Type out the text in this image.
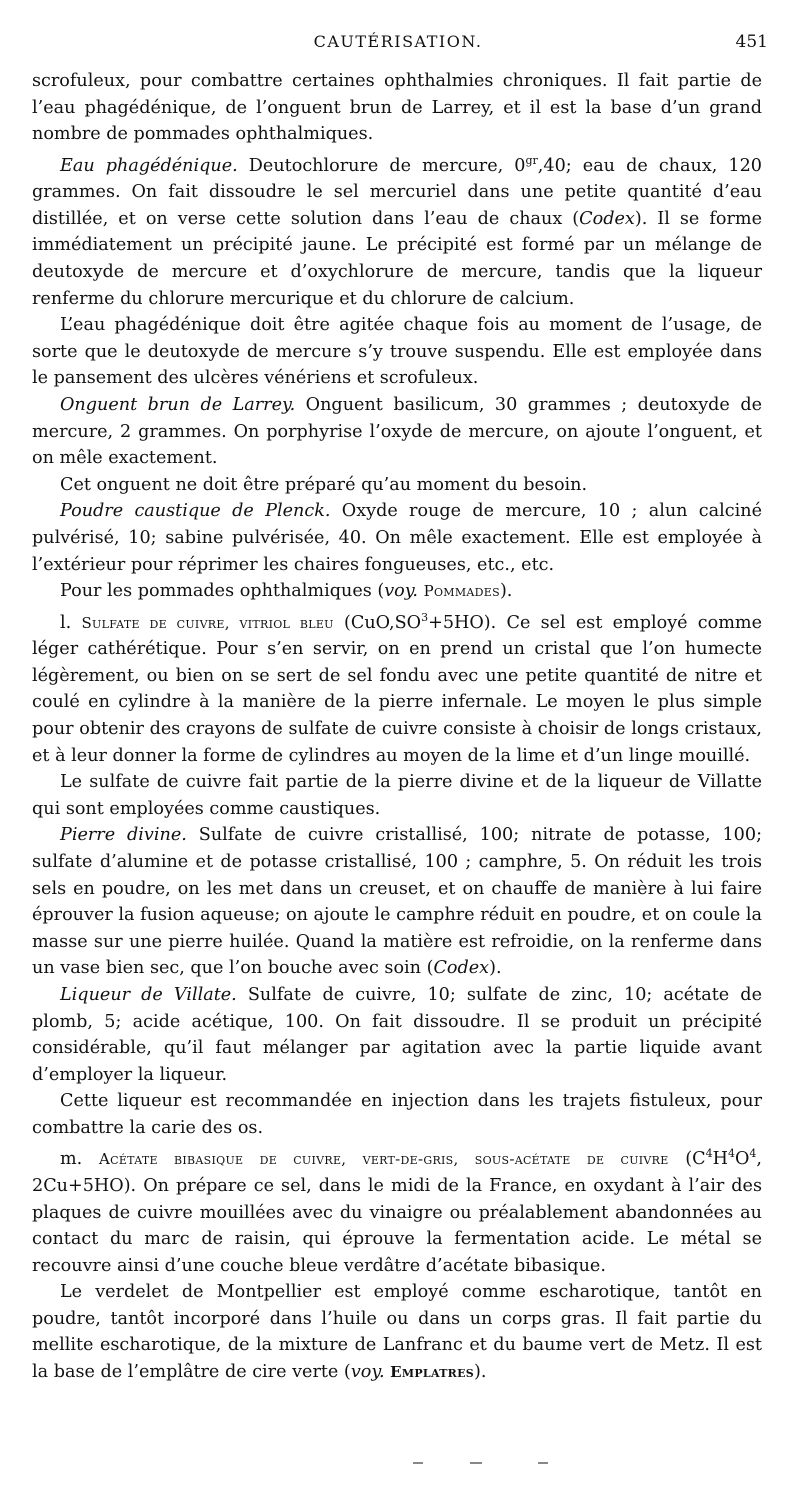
CAUTÉRISATION.	451

scrofuleux, pour combattre certaines ophthalmies chroniques. Il fait partie de l’eau phagédénique, de l’onguent brun de Larrey, et il est la base d’un grand nombre de pommades ophthalmiques.

Eau phagédénique. Deutochlorure de mercure, $0^{gr},40$; eau de chaux, 120 grammes. On fait dissoudre le sel mercuriel dans une petite quantité d’eau distillée, et on verse cette solution dans l’eau de chaux (Codex). Il se forme immédiatement un précipité jaune. Le précipité est formé par un mélange de deutoxyde de mercure et d’oxychlorure de mercure, tandis que la liqueur renferme du chlorure mercurique et du chlorure de calcium.

L’eau phagédénique doit être agitée chaque fois au moment de l’usage, de sorte que le deutoxyde de mercure s’y trouve suspendu. Elle est employée dans le pansement des ulcères vénériens et scrofuleux.

Onguent brun de Larrey. Onguent basilicum, 30 grammes ; deutoxyde de mercure, 2 grammes. On porphyrise l’oxyde de mercure, on ajoute l’onguent, et on mêle exactement.

Cet onguent ne doit être préparé qu’au moment du besoin.

Poudre caustique de Plenck. Oxyde rouge de mercure, 10 ; alun calciné pulvérisé, 10; sabine pulvérisée, 40. On mêle exactement. Elle est employée à l’extérieur pour réprimer les chaires fongueuses, etc., etc.

Pour les pommades ophthalmiques (voy. Pommades).

l. Sulfate de cuivre, vitriol bleu $(CuO,SO^3+5HO)$. Ce sel est employé comme léger cathérétique. Pour s’en servir, on en prend un cristal que l’on humecte légèrement, ou bien on se sert de sel fondu avec une petite quantité de nitre et coulé en cylindre à la manière de la pierre infernale. Le moyen le plus simple pour obtenir des crayons de sulfate de cuivre consiste à choisir de longs cristaux, et à leur donner la forme de cylindres au moyen de la lime et d’un linge mouillé.

Le sulfate de cuivre fait partie de la pierre divine et de la liqueur de Villatte qui sont employées comme caustiques.

Pierre divine. Sulfate de cuivre cristallisé, 100; nitrate de potasse, 100; sulfate d’alumine et de potasse cristallisé, 100 ; camphre, 5. On réduit les trois sels en poudre, on les met dans un creuset, et on chauffe de manière à lui faire éprouver la fusion aqueuse; on ajoute le camphre réduit en poudre, et on coule la masse sur une pierre huilée. Quand la matière est refroidie, on la renferme dans un vase bien sec, que l’on bouche avec soin (Codex).

Liqueur de Villate. Sulfate de cuivre, 10; sulfate de zinc, 10; acétate de plomb, 5; acide acétique, 100. On fait dissoudre. Il se produit un précipité considérable, qu’il faut mélanger par agitation avec la partie liquide avant d’employer la liqueur.

Cette liqueur est recommandée en injection dans les trajets fistuleux, pour combattre la carie des os.

m. Acétate bibasique de cuivre, vert-de-gris, sous-acétate de cuivre ($C^4H^4O^4$, 2Cu+5HO). On prépare ce sel, dans le midi de la France, en oxydant à l’air des plaques de cuivre mouillées avec du vinaigre ou préalablement abandonnées au contact du marc de raisin, qui éprouve la fermentation acide. Le métal se recouvre ainsi d’une couche bleue verdâtre d’acétate bibasique.

Le verdelet de Montpellier est employé comme escharotique, tantôt en poudre, tantôt incorporé dans l’huile ou dans un corps gras. Il fait partie du mellite escharotique, de la mixture de Lanfranc et du baume vert de Metz. Il est la base de l’emplâtre de cire verte (voy. Emplatres).
